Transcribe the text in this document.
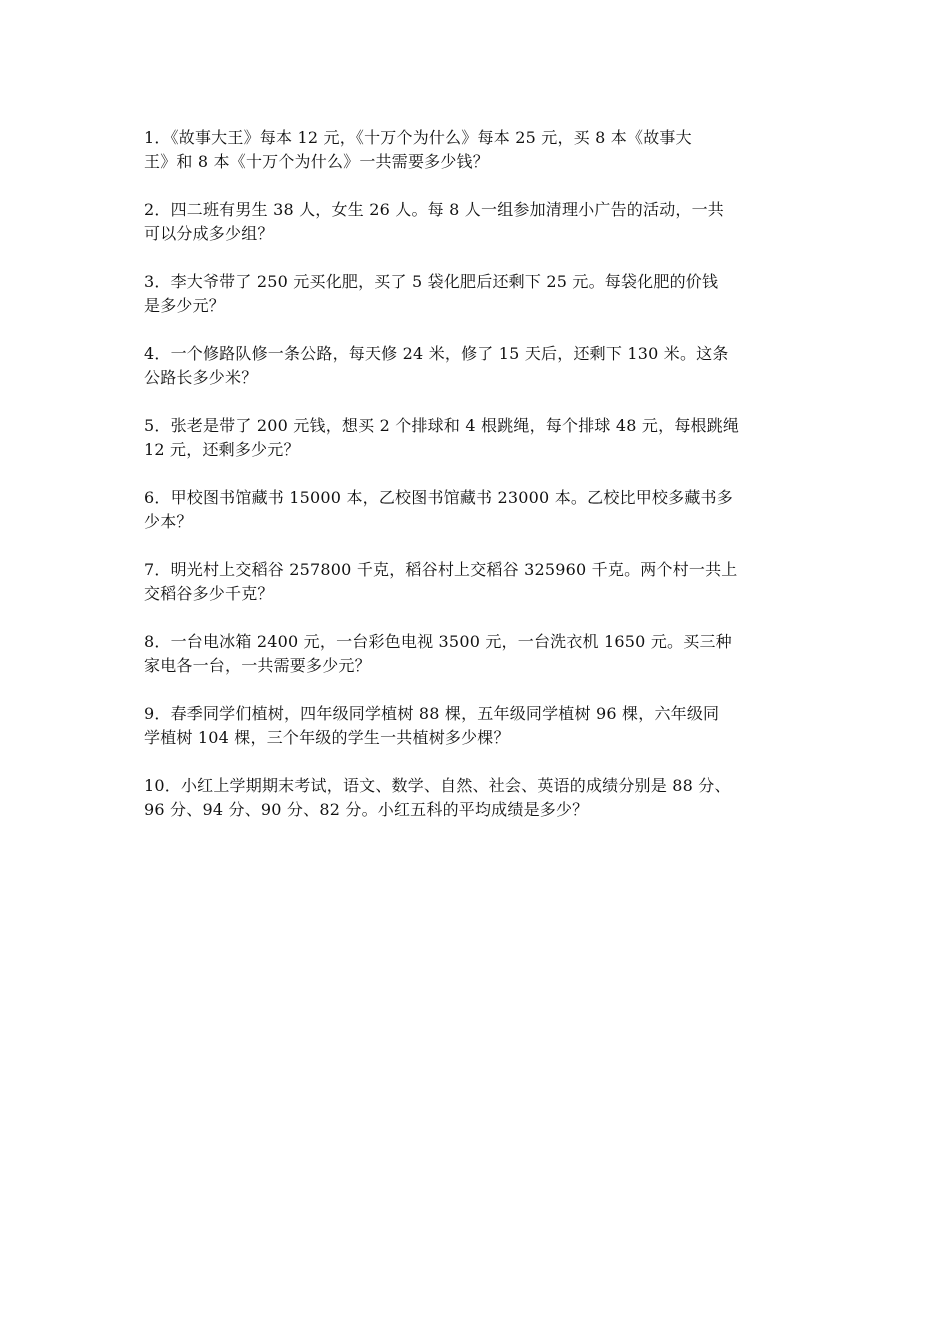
1．《故事大王》每本 12 元，《十万个为什么》每本 25 元，买 8 本《故事大
王》和 8 本《十万个为什么》一共需要多少钱？
2．四二班有男生 38 人，女生 26 人。每 8 人一组参加清理小广告的活动，一共
可以分成多少组？
3．李大爷带了 250 元买化肥，买了 5 袋化肥后还剩下 25 元。每袋化肥的价钱
是多少元？
4．一个修路队修一条公路，每天修 24 米，修了 15 天后，还剩下 130 米。这条
公路长多少米？
5．张老是带了 200 元钱，想买 2 个排球和 4 根跳绳，每个排球 48 元，每根跳绳
12 元，还剩多少元？
6．甲校图书馆藏书 15000 本，乙校图书馆藏书 23000 本。乙校比甲校多藏书多
少本？
7．明光村上交稻谷 257800 千克，稻谷村上交稻谷 325960 千克。两个村一共上
交稻谷多少千克？
8．一台电冰箱 2400 元，一台彩色电视 3500 元，一台洗衣机 1650 元。买三种
家电各一台，一共需要多少元？
9．春季同学们植树，四年级同学植树 88 棵，五年级同学植树 96 棵，六年级同
学植树 104 棵，三个年级的学生一共植树多少棵？
10．小红上学期期末考试，语文、数学、自然、社会、英语的成绩分别是 88 分、
96 分、94 分、90 分、82 分。小红五科的平均成绩是多少？
